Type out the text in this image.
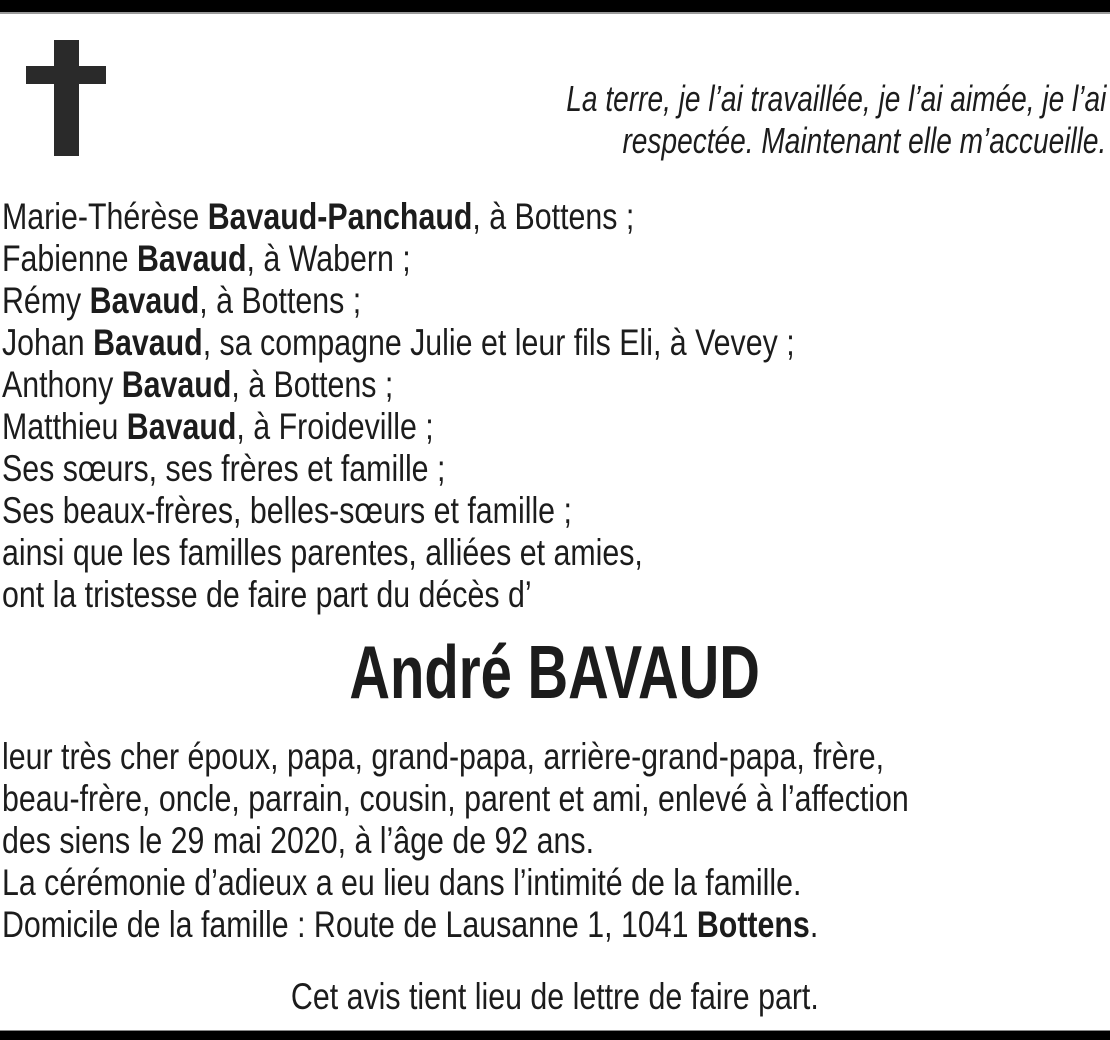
La terre, je l’ai travaillée, je l’ai aimée, je l’ai
respectée. Maintenant elle m’accueille.
Marie-Thérèse Bavaud-Panchaud, à Bottens ;
Fabienne Bavaud, à Wabern ;
Rémy Bavaud, à Bottens ;
Johan Bavaud, sa compagne Julie et leur fils Eli, à Vevey ;
Anthony Bavaud, à Bottens ;
Matthieu Bavaud, à Froideville ;
Ses sœurs, ses frères et famille ;
Ses beaux-frères, belles-sœurs et famille ;
ainsi que les familles parentes, alliées et amies,
ont la tristesse de faire part du décès d’
André BAVAUD
leur très cher époux, papa, grand-papa, arrière-grand-papa, frère,
beau-frère, oncle, parrain, cousin, parent et ami, enlevé à l’affection
des siens le 29 mai 2020, à l’âge de 92 ans.
La cérémonie d’adieux a eu lieu dans l’intimité de la famille.
Domicile de la famille : Route de Lausanne 1, 1041 Bottens.
Cet avis tient lieu de lettre de faire part.
